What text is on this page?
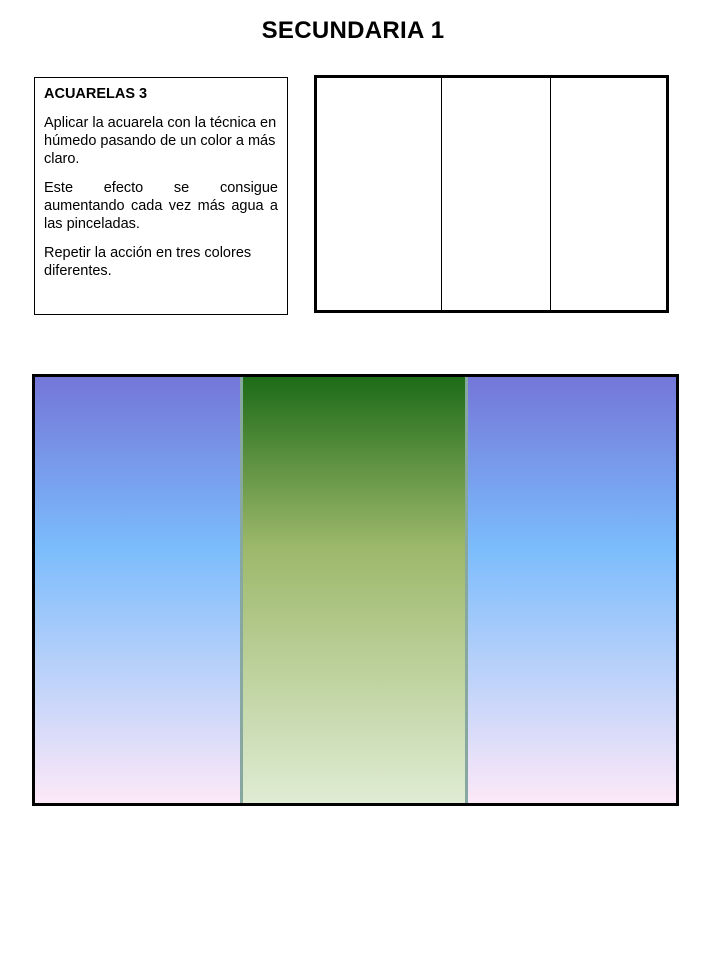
SECUNDARIA 1
ACUARELAS 3
Aplicar la acuarela con la técnica en húmedo pasando de un color a más claro.
Este efecto se consigue aumentando cada vez más agua a las pinceladas.
Repetir la acción en tres colores diferentes.
